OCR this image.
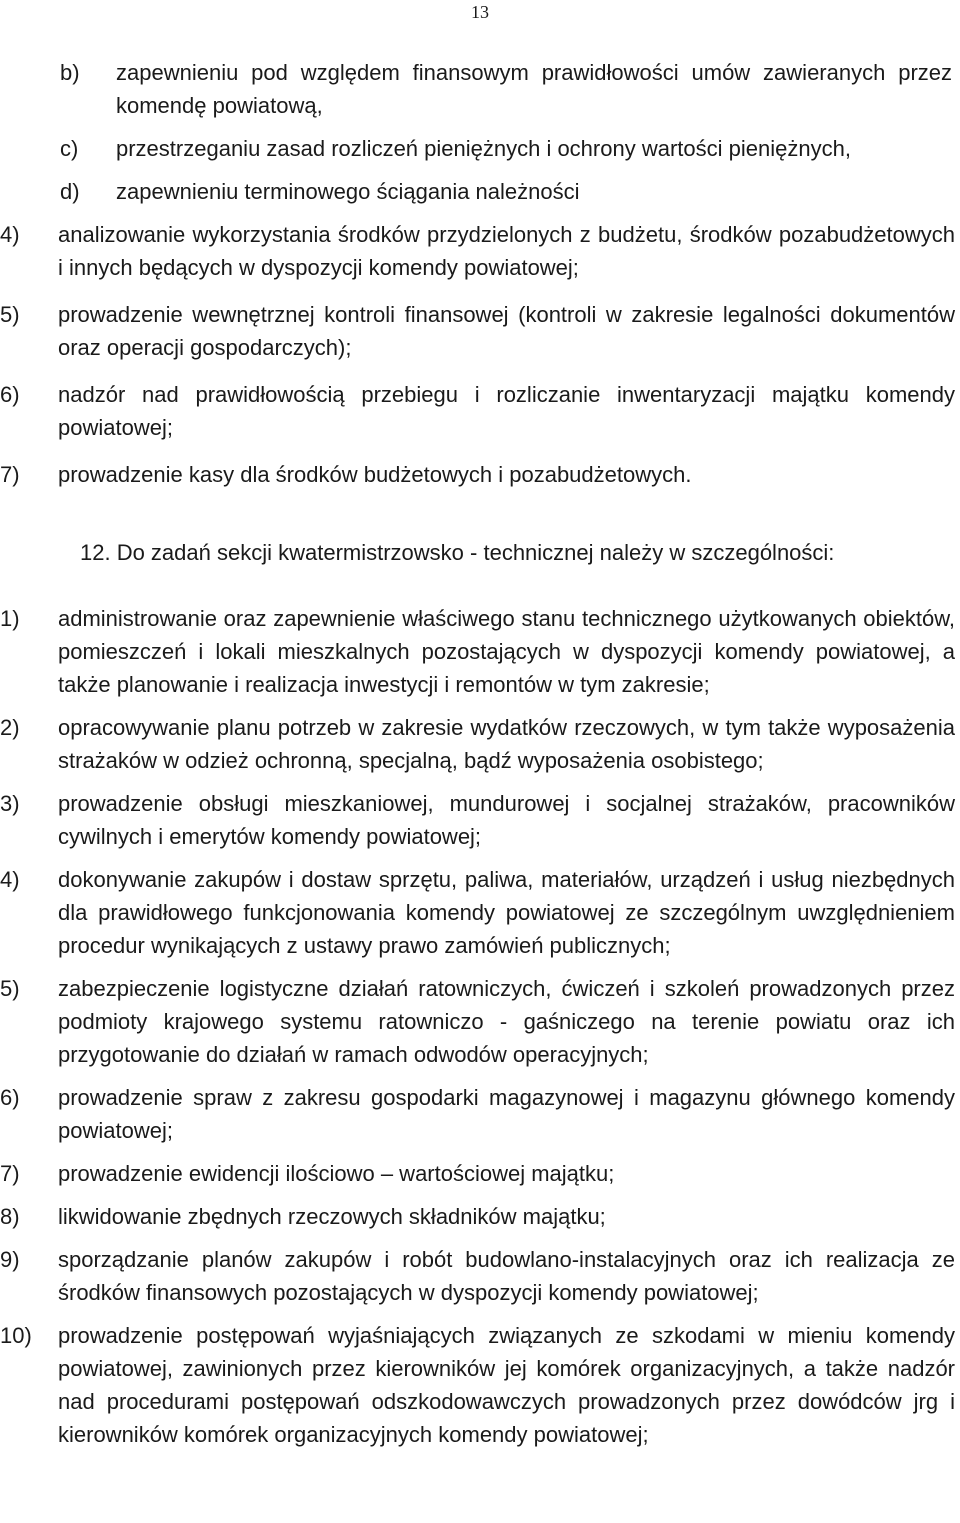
13
b)	zapewnieniu pod względem finansowym prawidłowości umów zawieranych przez komendę powiatową,
c)	przestrzeganiu zasad rozliczeń pieniężnych i ochrony wartości pieniężnych,
d)	zapewnieniu terminowego ściągania należności
4)	analizowanie wykorzystania środków przydzielonych z budżetu, środków pozabudżetowych i innych będących w dyspozycji komendy powiatowej;
5)	prowadzenie wewnętrznej kontroli finansowej (kontroli w zakresie legalności dokumentów oraz operacji gospodarczych);
6)	nadzór nad prawidłowością przebiegu i rozliczanie inwentaryzacji majątku komendy powiatowej;
7)	prowadzenie kasy dla środków budżetowych i pozabudżetowych.
12. Do zadań sekcji kwatermistrzowsko - technicznej należy w szczególności:
1)	administrowanie oraz zapewnienie właściwego stanu technicznego użytkowanych obiektów, pomieszczeń i lokali mieszkalnych pozostających w dyspozycji komendy powiatowej, a także planowanie i realizacja inwestycji i remontów w tym zakresie;
2)	opracowywanie planu potrzeb w zakresie wydatków rzeczowych, w tym także wyposażenia strażaków w odzież ochronną, specjalną, bądź wyposażenia osobistego;
3)	prowadzenie obsługi mieszkaniowej, mundurowej i socjalnej strażaków, pracowników cywilnych i emerytów komendy powiatowej;
4)	dokonywanie zakupów i dostaw sprzętu, paliwa, materiałów, urządzeń i usług niezbędnych dla prawidłowego funkcjonowania komendy powiatowej ze szczególnym uwzględnieniem procedur wynikających z ustawy prawo zamówień publicznych;
5)	zabezpieczenie logistyczne działań ratowniczych, ćwiczeń i szkoleń prowadzonych przez podmioty krajowego systemu ratowniczo - gaśniczego na terenie powiatu oraz ich przygotowanie do działań w ramach odwodów operacyjnych;
6)	prowadzenie spraw z zakresu gospodarki magazynowej i magazynu głównego komendy powiatowej;
7)	prowadzenie ewidencji ilościowo – wartościowej majątku;
8)	likwidowanie zbędnych rzeczowych składników majątku;
9)	sporządzanie planów zakupów i robót budowlano-instalacyjnych oraz ich realizacja ze środków finansowych pozostających w dyspozycji komendy powiatowej;
10)	prowadzenie postępowań wyjaśniających związanych ze szkodami w mieniu komendy powiatowej, zawinionych przez kierowników jej komórek organizacyjnych, a także nadzór nad procedurami postępowań odszkodowawczych prowadzonych przez dowódców jrg i kierowników komórek organizacyjnych komendy powiatowej;
